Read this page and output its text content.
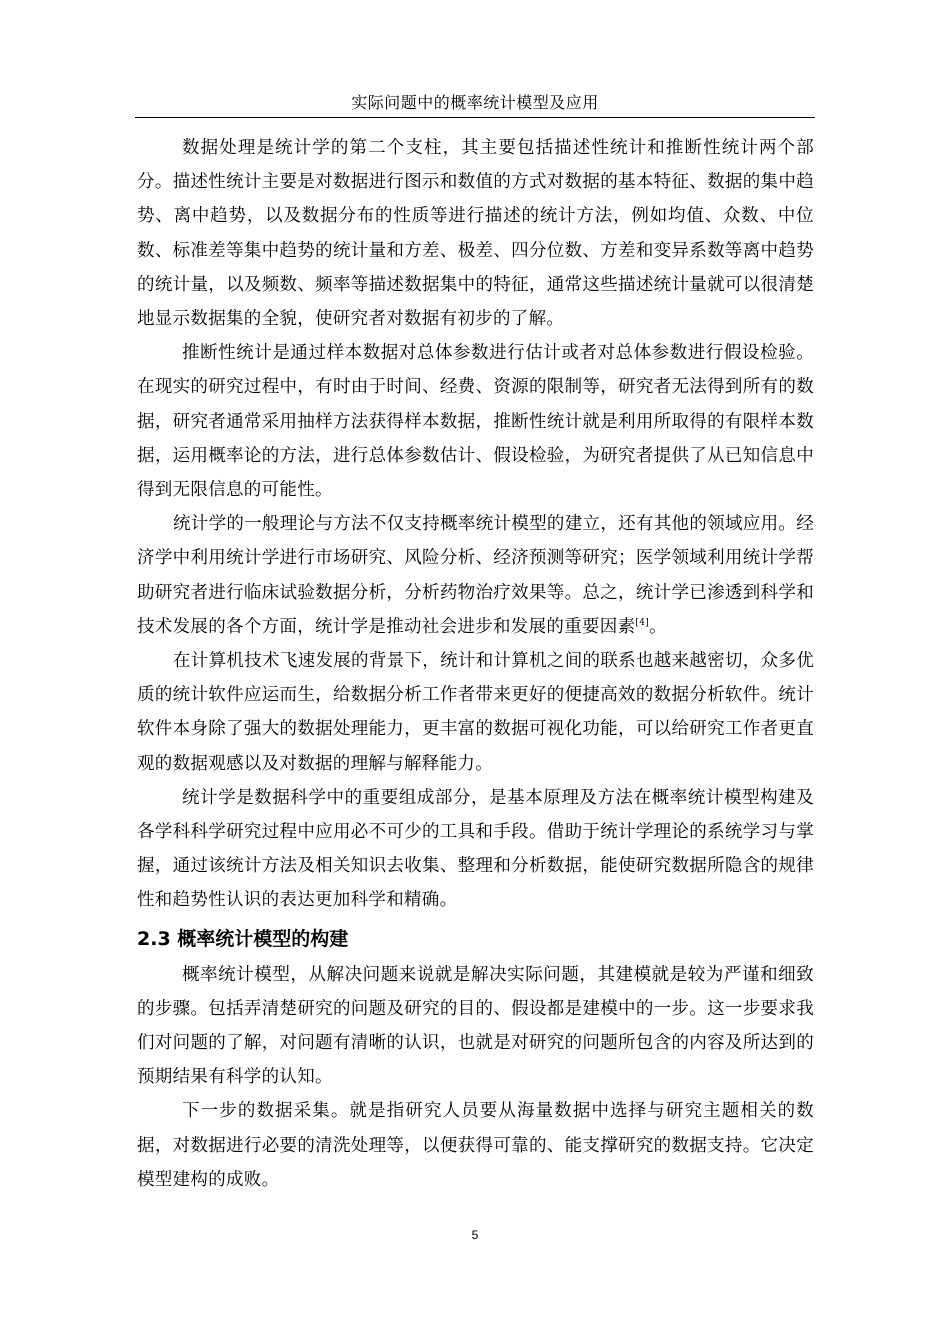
实际问题中的概率统计模型及应用

数据处理是统计学的第二个支柱，其主要包括描述性统计和推断性统计两个部分。描述性统计主要是对数据进行图示和数值的方式对数据的基本特征、数据的集中趋势、离中趋势，以及数据分布的性质等进行描述的统计方法，例如均值、众数、中位数、标准差等集中趋势的统计量和方差、极差、四分位数、方差和变异系数等离中趋势的统计量，以及频数、频率等描述数据集中的特征，通常这些描述统计量就可以很清楚地显示数据集的全貌，使研究者对数据有初步的了解。

推断性统计是通过样本数据对总体参数进行估计或者对总体参数进行假设检验。在现实的研究过程中，有时由于时间、经费、资源的限制等，研究者无法得到所有的数据，研究者通常采用抽样方法获得样本数据，推断性统计就是利用所取得的有限样本数据，运用概率论的方法，进行总体参数估计、假设检验，为研究者提供了从已知信息中得到无限信息的可能性。

统计学的一般理论与方法不仅支持概率统计模型的建立，还有其他的领域应用。经济学中利用统计学进行市场研究、风险分析、经济预测等研究；医学领域利用统计学帮助研究者进行临床试验数据分析，分析药物治疗效果等。总之，统计学已渗透到科学和技术发展的各个方面，统计学是推动社会进步和发展的重要因素[4]。

在计算机技术飞速发展的背景下，统计和计算机之间的联系也越来越密切，众多优质的统计软件应运而生，给数据分析工作者带来更好的便捷高效的数据分析软件。统计软件本身除了强大的数据处理能力，更丰富的数据可视化功能，可以给研究工作者更直观的数据观感以及对数据的理解与解释能力。

统计学是数据科学中的重要组成部分，是基本原理及方法在概率统计模型构建及各学科科学研究过程中应用必不可少的工具和手段。借助于统计学理论的系统学习与掌握，通过该统计方法及相关知识去收集、整理和分析数据，能使研究数据所隐含的规律性和趋势性认识的表达更加科学和精确。

2.3 概率统计模型的构建

概率统计模型，从解决问题来说就是解决实际问题，其建模就是较为严谨和细致的步骤。包括弄清楚研究的问题及研究的目的、假设都是建模中的一步。这一步要求我们对问题的了解，对问题有清晰的认识，也就是对研究的问题所包含的内容及所达到的预期结果有科学的认知。

下一步的数据采集。就是指研究人员要从海量数据中选择与研究主题相关的数据，对数据进行必要的清洗处理等，以便获得可靠的、能支撑研究的数据支持。它决定模型建构的成败。

5
